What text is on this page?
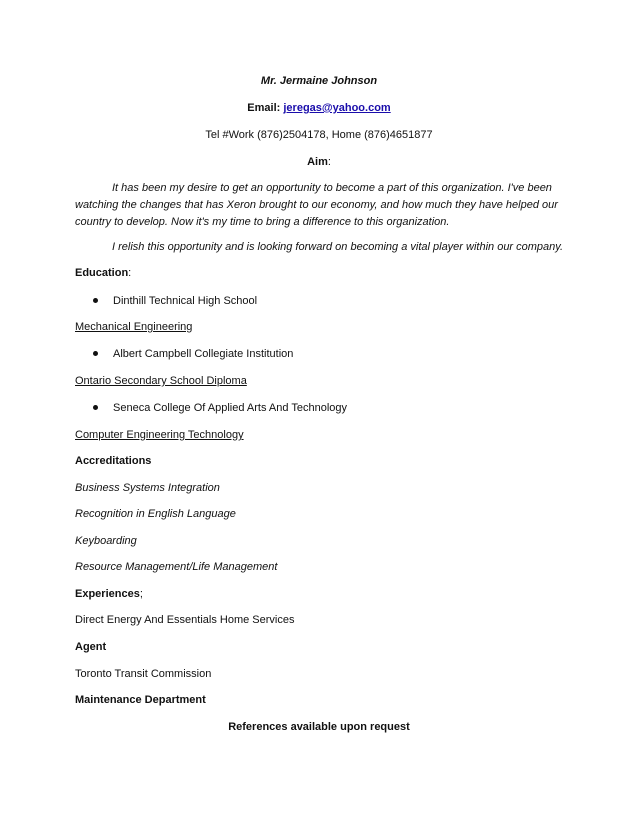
Mr. Jermaine Johnson
Email: jeregas@yahoo.com
Tel #Work (876)2504178, Home (876)4651877
Aim:
It has been my desire to get an opportunity to become a part of this organization. I've been watching the changes that has Xeron brought to our economy, and how much they have helped our country to develop. Now it's my time to bring a difference to this organization.
I relish this opportunity and is looking forward on becoming a vital player within our company.
Education:
Dinthill Technical High School
Mechanical Engineering
Albert Campbell Collegiate Institution
Ontario Secondary School Diploma
Seneca College Of Applied Arts And Technology
Computer Engineering Technology
Accreditations
Business Systems Integration
Recognition in English Language
Keyboarding
Resource Management/Life Management
Experiences;
Direct Energy And Essentials Home Services
Agent
Toronto Transit Commission
Maintenance Department
References available upon request
